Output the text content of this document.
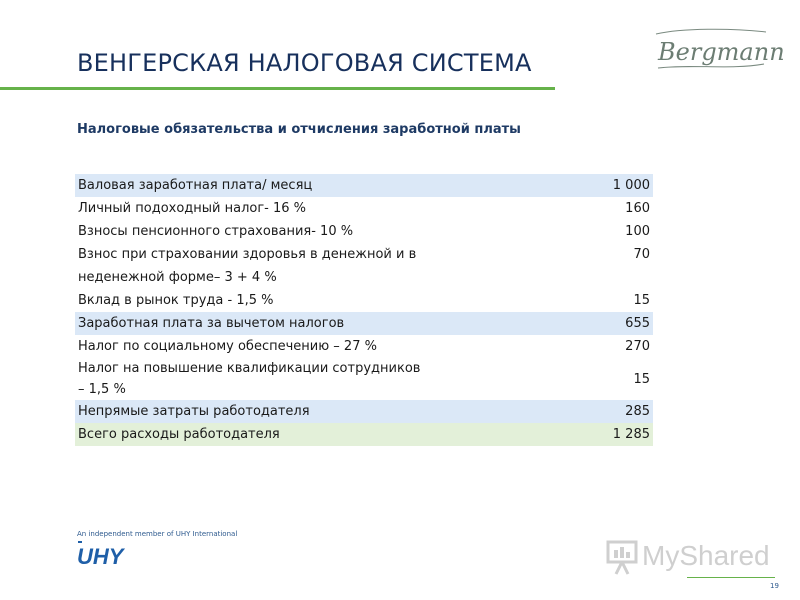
Bergmann
ВЕНГЕРСКАЯ НАЛОГОВАЯ СИСТЕМА
Налоговые обязательства и отчисления заработной платы
Валовая заработная плата/ месяц	1 000
Личный подоходный налог- 16 %	160
Взносы пенсионного страхования- 10 %	100

Взнос при страховании здоровья в денежной и в
неденежной форме– 3 + 4 %	70
Вклад в рынок труда - 1,5 %	15
Заработная плата за вычетом налогов	655
Налог по социальному обеспечению – 27 %	270

Налог на повышение квалификации сотрудников
– 1,5 %	15
Непрямые затраты работодателя	285
Всего расходы работодателя	1 285
An independent member of UHY International
UHY	MyShared
19
